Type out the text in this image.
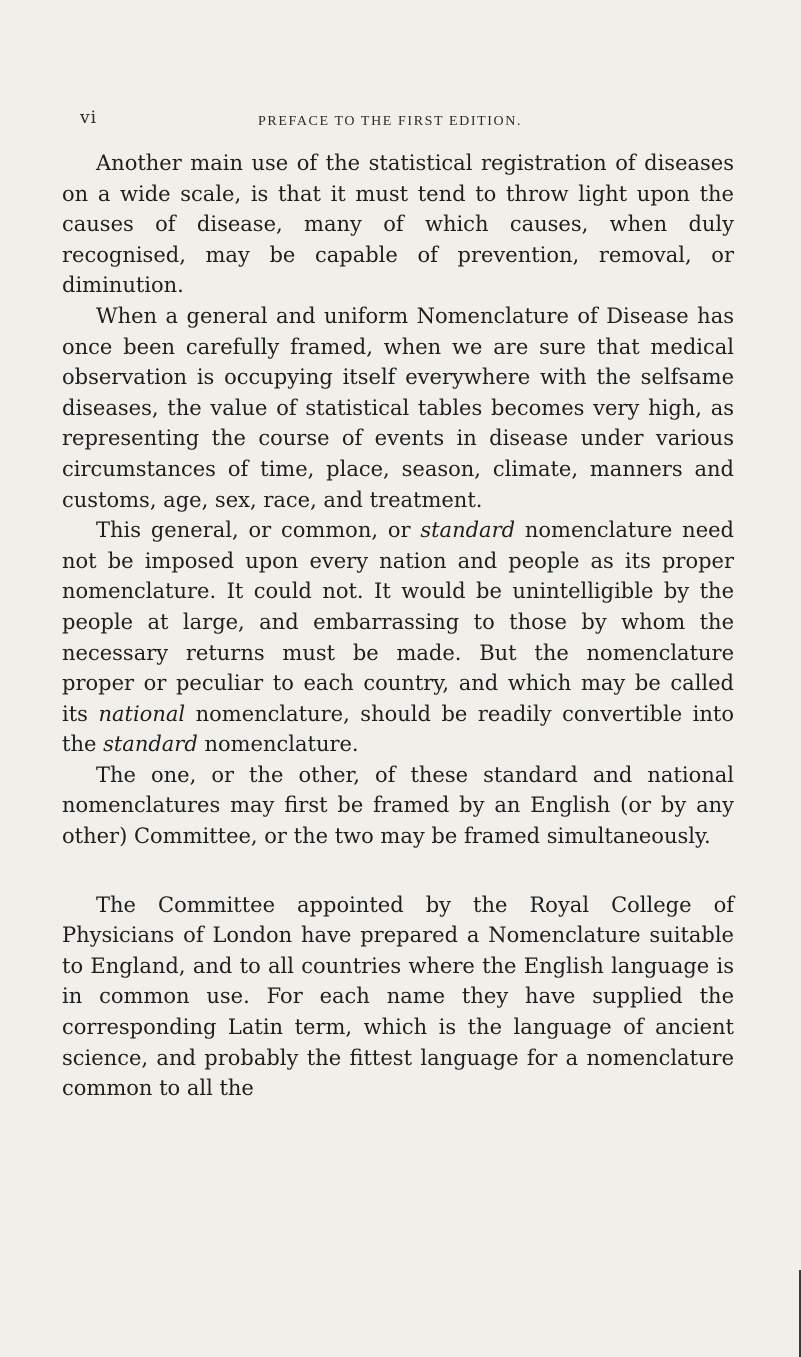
vi	PREFACE TO THE FIRST EDITION.

Another main use of the statistical registration of diseases on a wide scale, is that it must tend to throw light upon the causes of disease, many of which causes, when duly recognised, may be capable of prevention, removal, or diminution.

When a general and uniform Nomenclature of Disease has once been carefully framed, when we are sure that medical observation is occupying itself everywhere with the selfsame diseases, the value of statistical tables becomes very high, as representing the course of events in disease under various circumstances of time, place, season, climate, manners and customs, age, sex, race, and treatment.

This general, or common, or standard nomenclature need not be imposed upon every nation and people as its proper nomenclature. It could not. It would be unintelligible by the people at large, and embarrassing to those by whom the necessary returns must be made. But the nomenclature proper or peculiar to each country, and which may be called its national nomenclature, should be readily convertible into the standard nomenclature.

The one, or the other, of these standard and national nomenclatures may first be framed by an English (or by any other) Committee, or the two may be framed simultaneously.

The Committee appointed by the Royal College of Physicians of London have prepared a Nomenclature suitable to England, and to all countries where the English language is in common use. For each name they have supplied the corresponding Latin term, which is the language of ancient science, and probably the fittest language for a nomenclature common to all the
